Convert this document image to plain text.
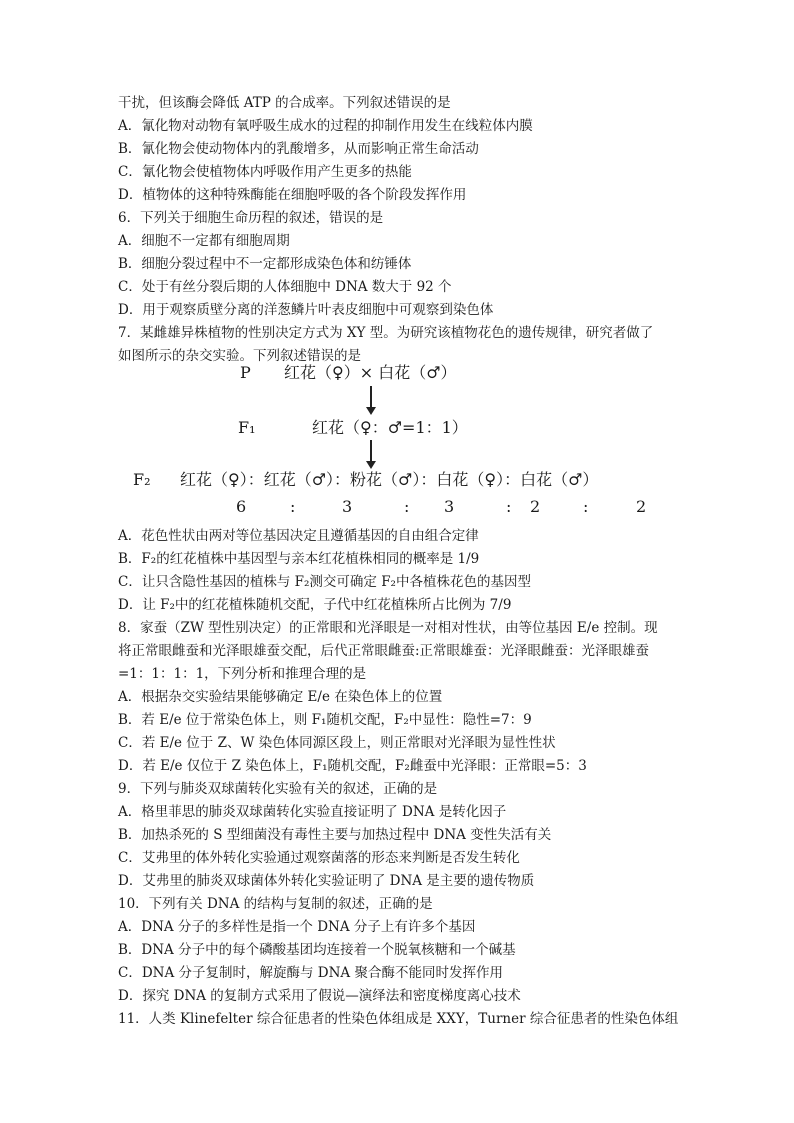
干扰，但该酶会降低 ATP 的合成率。下列叙述错误的是
A．氰化物对动物有氧呼吸生成水的过程的抑制作用发生在线粒体内膜
B．氰化物会使动物体内的乳酸增多，从而影响正常生命活动
C．氰化物会使植物体内呼吸作用产生更多的热能
D．植物体的这种特殊酶能在细胞呼吸的各个阶段发挥作用
6．下列关于细胞生命历程的叙述，错误的是
A．细胞不一定都有细胞周期
B．细胞分裂过程中不一定都形成染色体和纺锤体
C．处于有丝分裂后期的人体细胞中 DNA 数大于 92 个
D．用于观察质壁分离的洋葱鳞片叶表皮细胞中可观察到染色体
7．某雌雄异株植物的性别决定方式为 XY 型。为研究该植物花色的遗传规律，研究者做了
如图所示的杂交实验。下列叙述错误的是
P 红花（♀）× 白花（♂）
F₁	红花（♀：♂=1：1）
F₂ 红花（♀）：红花（♂）：粉花（♂）：白花（♀）：白花（♂）
6	:	3	: 3	: 2	:	2
A．花色性状由两对等位基因决定且遵循基因的自由组合定律
B．F₂的红花植株中基因型与亲本红花植株相同的概率是 1/9
C．让只含隐性基因的植株与 F₂测交可确定 F₂中各植株花色的基因型
D．让 F₂中的红花植株随机交配，子代中红花植株所占比例为 7/9
8．家蚕（ZW 型性别决定）的正常眼和光泽眼是一对相对性状，由等位基因 E/e 控制。现
将正常眼雌蚕和光泽眼雄蚕交配，后代正常眼雌蚕:正常眼雄蚕：光泽眼雌蚕：光泽眼雄蚕
=1：1：1：1，下列分析和推理合理的是
A．根据杂交实验结果能够确定 E/e 在染色体上的位置
B．若 E/e 位于常染色体上，则 F₁随机交配，F₂中显性：隐性=7：9
C．若 E/e 位于 Z、W 染色体同源区段上，则正常眼对光泽眼为显性性状
D．若 E/e 仅位于 Z 染色体上，F₁随机交配，F₂雌蚕中光泽眼：正常眼=5：3
9．下列与肺炎双球菌转化实验有关的叙述，正确的是
A．格里菲思的肺炎双球菌转化实验直接证明了 DNA 是转化因子
B．加热杀死的 S 型细菌没有毒性主要与加热过程中 DNA 变性失活有关
C．艾弗里的体外转化实验通过观察菌落的形态来判断是否发生转化
D．艾弗里的肺炎双球菌体外转化实验证明了 DNA 是主要的遗传物质
10．下列有关 DNA 的结构与复制的叙述，正确的是
A．DNA 分子的多样性是指一个 DNA 分子上有许多个基因
B．DNA 分子中的每个磷酸基团均连接着一个脱氧核糖和一个碱基
C．DNA 分子复制时，解旋酶与 DNA 聚合酶不能同时发挥作用
D．探究 DNA 的复制方式采用了假说—演绎法和密度梯度离心技术
11．人类 Klinefelter 综合征患者的性染色体组成是 XXY，Turner 综合征患者的性染色体组
